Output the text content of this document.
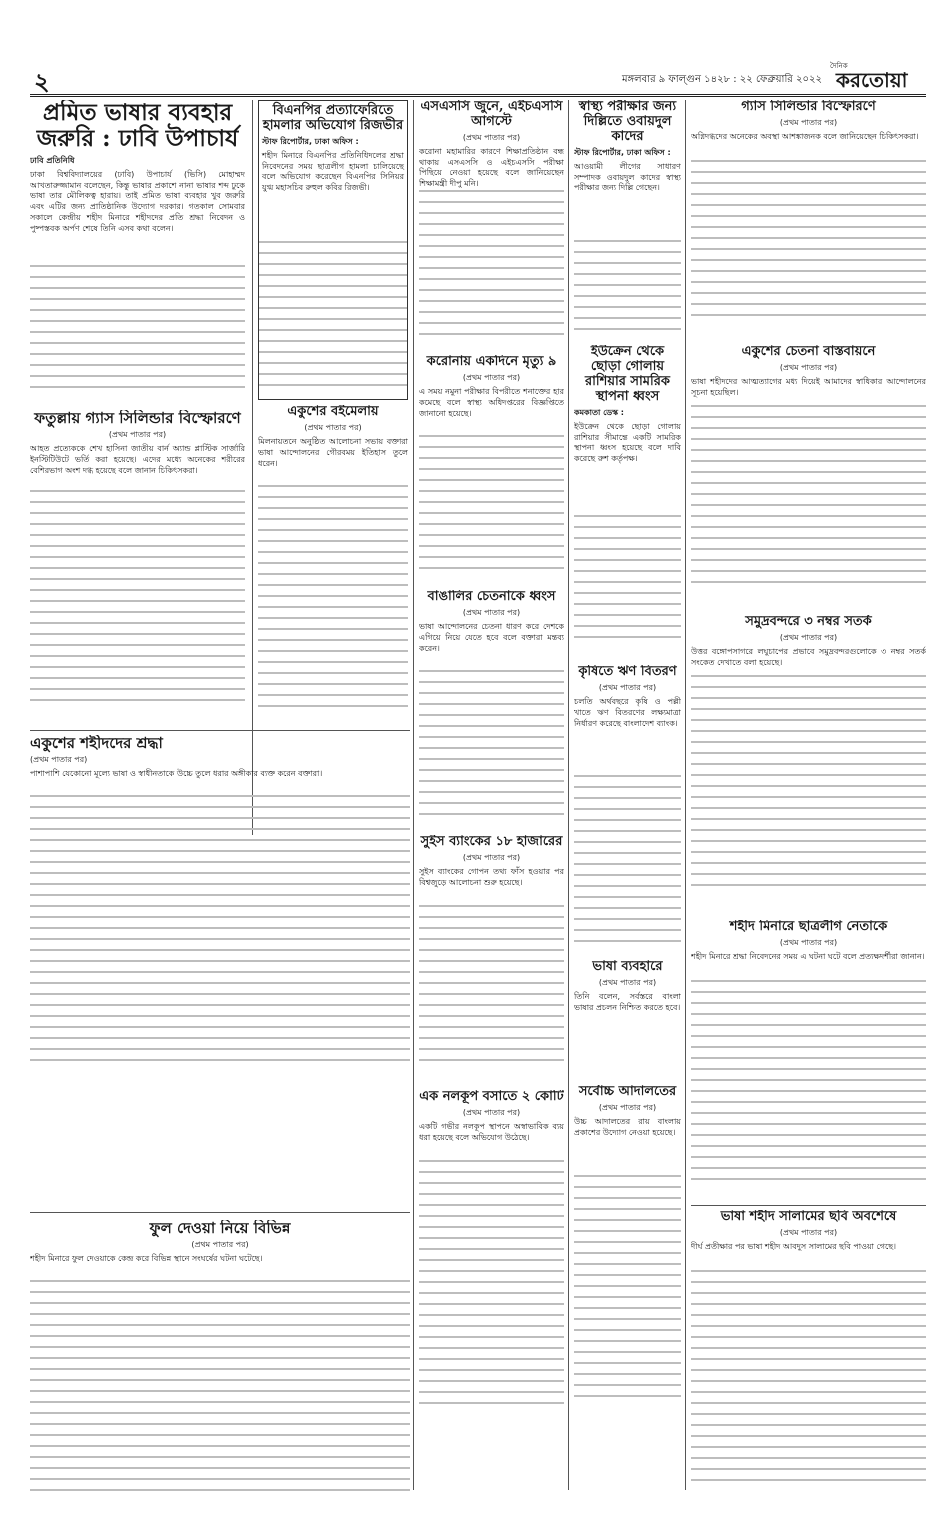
২	মঙ্গলবার ৯ ফাল্গুন ১৪২৮ : ২২ ফেব্রুয়ারি ২০২২
দৈনিক
করতোয়া
প্রমিত ভাষার ব্যবহার জরুরি : ঢাবি উপাচার্য

ঢাবি প্রতিনিধি

ঢাকা বিশ্ববিদ্যালয়ের (ঢাবি) উপাচার্য (ভিসি) মোহাম্মদ আখতারুজ্জামান বলেছেন, কিন্তু ভাষার প্রকাশে নানা ভাষার শব্দ ঢুকে ভাষা তার মৌলিকত্ব হারায়। তাই প্রমিত ভাষা ব্যবহার খুব জরুরি এবং এটির জন্য প্রাতিষ্ঠানিক উদ্যোগ দরকার। গতকাল সোমবার সকালে কেন্দ্রীয় শহীদ মিনারে শহীদদের প্রতি শ্রদ্ধা নিবেদন ও পুষ্পস্তবক অর্পণ শেষে তিনি এসব কথা বলেন।

ফতুল্লায় গ্যাস সিলিন্ডার বিস্ফোরণে

(প্রথম পাতার পর)

আহত প্রত্যেককে শেখ হাসিনা জাতীয় বার্ন অ্যান্ড প্লাস্টিক সার্জারি ইনস্টিটিউটে ভর্তি করা হয়েছে। এদের মধ্যে অনেকের শরীরের বেশিরভাগ অংশ দগ্ধ হয়েছে বলে জানান চিকিৎসকরা।

একুশের শহীদদের শ্রদ্ধা

(প্রথম পাতার পর)

পাশাপাশি যেকোনো মূল্যে ভাষা ও স্বাধীনতাকে উচ্চে তুলে ধরার অঙ্গীকার ব্যক্ত করেন বক্তারা।

বিএনপির প্রত্যাফেরিতে হামলার অভিযোগ রিজভীর

স্টাফ রিপোর্টার, ঢাকা অফিস :

শহীদ মিনারে বিএনপির প্রতিনিধিদলের শ্রদ্ধা নিবেদনের সময় ছাত্রলীগ হামলা চালিয়েছে বলে অভিযোগ করেছেন বিএনপির সিনিয়র যুগ্ম মহাসচিব রুহুল কবির রিজভী।

একুশের বইমেলায়

(প্রথম পাতার পর)

মিলনায়তনে অনুষ্ঠিত আলোচনা সভায় বক্তারা ভাষা আন্দোলনের গৌরবময় ইতিহাস তুলে ধরেন।

এসএসসি জুনে, এইচএসসি আগস্টে

(প্রথম পাতার পর)

করোনা মহামারির কারণে শিক্ষাপ্রতিষ্ঠান বন্ধ থাকায় এসএসসি ও এইচএসসি পরীক্ষা পিছিয়ে নেওয়া হয়েছে বলে জানিয়েছেন শিক্ষামন্ত্রী দীপু মনি।

করোনায় একদিনে মৃত্যু ৯

(প্রথম পাতার পর)

এ সময় নমুনা পরীক্ষার বিপরীতে শনাক্তের হার কমেছে বলে স্বাস্থ্য অধিদপ্তরের বিজ্ঞপ্তিতে জানানো হয়েছে।

বাঙালির চেতনাকে ধ্বংস

(প্রথম পাতার পর)

ভাষা আন্দোলনের চেতনা ধারণ করে দেশকে এগিয়ে নিয়ে যেতে হবে বলে বক্তারা মন্তব্য করেন।

সুইস ব্যাংকের ১৮ হাজারের

(প্রথম পাতার পর)

সুইস ব্যাংকের গোপন তথ্য ফাঁস হওয়ার পর বিশ্বজুড়ে আলোচনা শুরু হয়েছে।

এক নলকূপ বসাতে ২ কোটি

(প্রথম পাতার পর)

একটি গভীর নলকূপ স্থাপনে অস্বাভাবিক ব্যয় ধরা হয়েছে বলে অভিযোগ উঠেছে।

স্বাস্থ্য পরীক্ষার জন্য দিল্লিতে ওবায়দুল কাদের

স্টাফ রিপোর্টার, ঢাকা অফিস :

আওয়ামী লীগের সাধারণ সম্পাদক ওবায়দুল কাদের স্বাস্থ্য পরীক্ষার জন্য দিল্লি গেছেন।

ইউক্রেন থেকে ছোড়া গোলায় রাশিয়ার সামরিক স্থাপনা ধ্বংস

কমকাতা ডেস্ক :

ইউক্রেন থেকে ছোড়া গোলায় রাশিয়ার সীমান্তে একটি সামরিক স্থাপনা ধ্বংস হয়েছে বলে দাবি করেছে রুশ কর্তৃপক্ষ।

কৃষিতে ঋণ বিতরণ

(প্রথম পাতার পর)

চলতি অর্থবছরে কৃষি ও পল্লী খাতে ঋণ বিতরণের লক্ষ্যমাত্রা নির্ধারণ করেছে বাংলাদেশ ব্যাংক।

ভাষা ব্যবহারে

(প্রথম পাতার পর)

তিনি বলেন, সর্বস্তরে বাংলা ভাষার প্রচলন নিশ্চিত করতে হবে।

সর্বোচ্চ আদালতের

(প্রথম পাতার পর)

উচ্চ আদালতের রায় বাংলায় প্রকাশের উদ্যোগ নেওয়া হয়েছে।

গ্যাস সিলিন্ডার বিস্ফোরণে

(প্রথম পাতার পর)

অগ্নিদগ্ধদের অনেকের অবস্থা আশঙ্কাজনক বলে জানিয়েছেন চিকিৎসকরা।

একুশের চেতনা বাস্তবায়নে

(প্রথম পাতার পর)

ভাষা শহীদদের আত্মত্যাগের মধ্য দিয়েই আমাদের স্বাধিকার আন্দোলনের সূচনা হয়েছিল।

সমুদ্রবন্দরে ৩ নম্বর সতর্ক

(প্রথম পাতার পর)

উত্তর বঙ্গোপসাগরে লঘুচাপের প্রভাবে সমুদ্রবন্দরগুলোকে ৩ নম্বর সতর্ক সংকেত দেখাতে বলা হয়েছে।

শহীদ মিনারে ছাত্রলীগ নেতাকে

(প্রথম পাতার পর)

শহীদ মিনারে শ্রদ্ধা নিবেদনের সময় এ ঘটনা ঘটে বলে প্রত্যক্ষদর্শীরা জানান।

ফুল দেওয়া নিয়ে বিভিন্ন

(প্রথম পাতার পর)

শহীদ মিনারে ফুল দেওয়াকে কেন্দ্র করে বিভিন্ন স্থানে সংঘর্ষের ঘটনা ঘটেছে।

ভাষা শহীদ সালামের ছবি অবশেষে

(প্রথম পাতার পর)

দীর্ঘ প্রতীক্ষার পর ভাষা শহীদ আবদুস সালামের ছবি পাওয়া গেছে।
